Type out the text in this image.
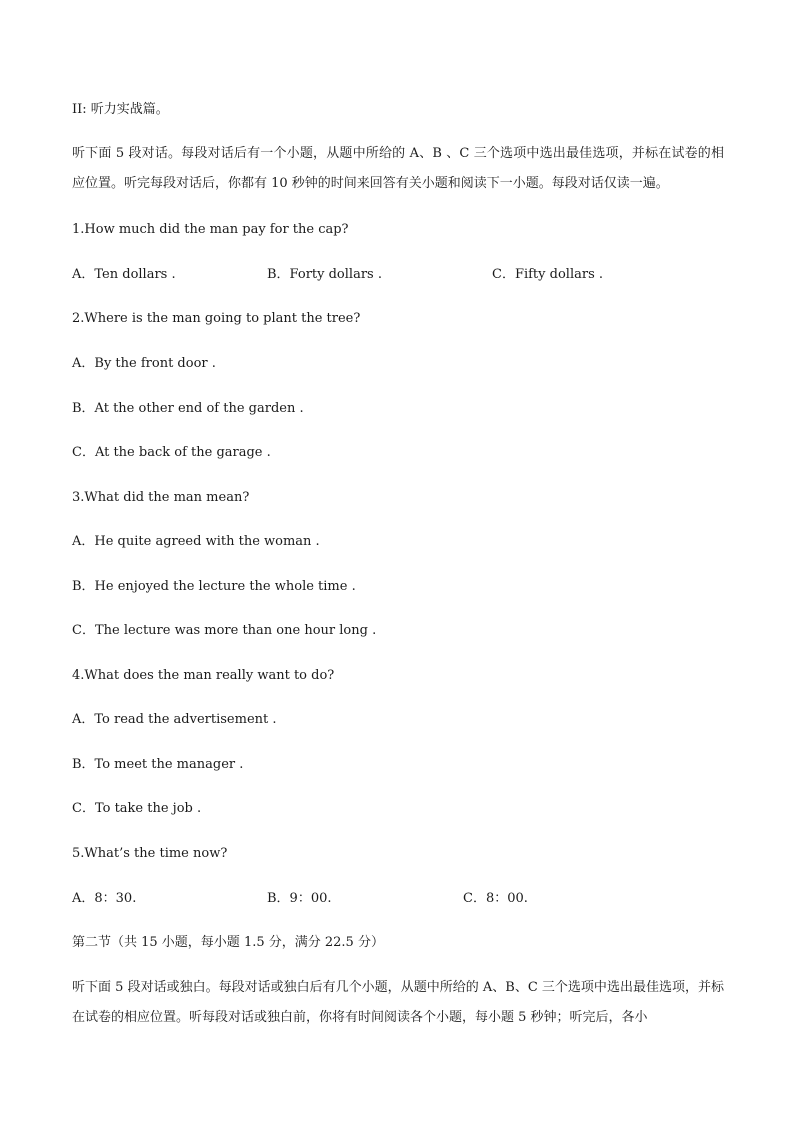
II: 听力实战篇。
听下面 5 段对话。每段对话后有一个小题，从题中所给的 A、B 、C 三个选项中选出最佳选项，并标在试卷的相应位置。听完每段对话后，你都有 10 秒钟的时间来回答有关小题和阅读下一小题。每段对话仅读一遍。
1.How much did the man pay for the cap?
A．Ten dollars .	B．Forty dollars .	C．Fifty dollars .
2.Where is the man going to plant the tree?
A．By the front door .
B．At the other end of the garden .
C．At the back of the garage .
3.What did the man mean?
A．He quite agreed with the woman .
B．He enjoyed the lecture the whole time .
C．The lecture was more than one hour long .
4.What does the man really want to do?
A．To read the advertisement .
B．To meet the manager .
C．To take the job .
5.What’s the time now?
A．8：30.	B．9：00.	C．8：00.
第二节（共 15 小题，每小题 1.5 分，满分 22.5 分）
听下面 5 段对话或独白。每段对话或独白后有几个小题，从题中所给的 A、B、C 三个选项中选出最佳选项，并标在试卷的相应位置。听每段对话或独白前，你将有时间阅读各个小题，每小题 5 秒钟；听完后，各小
